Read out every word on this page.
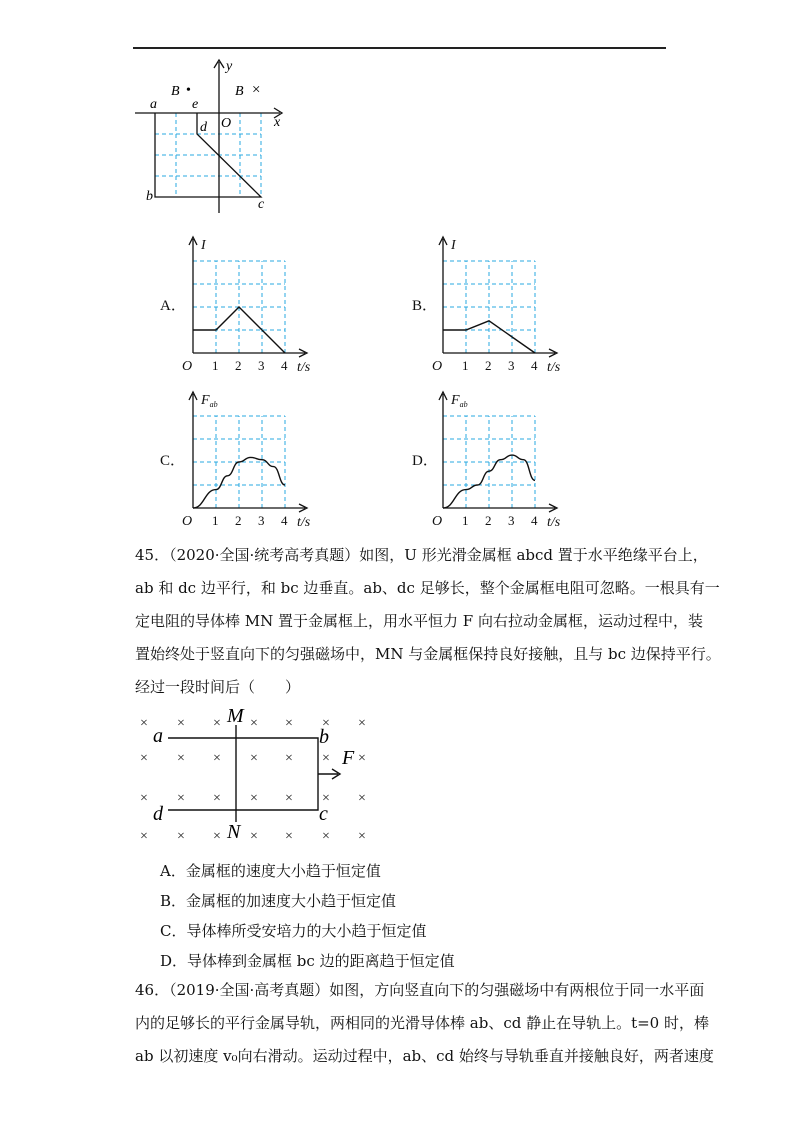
a	e
d O	x
y
b
c
B •	B ×
O 1 2 3 4 t/s
I
A．
O 1 2 3 4 t/s
I
B．
O 1 2 3 4 t/s
$F_{ab}$
C．
O 1 2 3 4 t/s
$F_{ab}$
D．
45．（2020·全国·统考高考真题）如图，U 形光滑金属框 abcd 置于水平绝缘平台上，
ab 和 dc 边平行，和 bc 边垂直。ab、dc 足够长，整个金属框电阻可忽略。一根具有一
定电阻的导体棒 MN 置于金属框上，用水平恒力 F 向右拉动金属框，运动过程中，装
置始终处于竖直向下的匀强磁场中，MN 与金属框保持良好接触，且与 bc 边保持平行。
经过一段时间后（　　）
× × × × × × ×
× × × × × × ×
× × × × × × ×
× × × × × × ×
M
N
a	b
c
d
F
A．金属框的速度大小趋于恒定值
B．金属框的加速度大小趋于恒定值
C．导体棒所受安培力的大小趋于恒定值
D．导体棒到金属框 bc 边的距离趋于恒定值
46．（2019·全国·高考真题）如图，方向竖直向下的匀强磁场中有两根位于同一水平面
内的足够长的平行金属导轨，两相同的光滑导体棒 ab、cd 静止在导轨上。t=0 时，棒
ab 以初速度 v₀向右滑动。运动过程中，ab、cd 始终与导轨垂直并接触良好，两者速度
